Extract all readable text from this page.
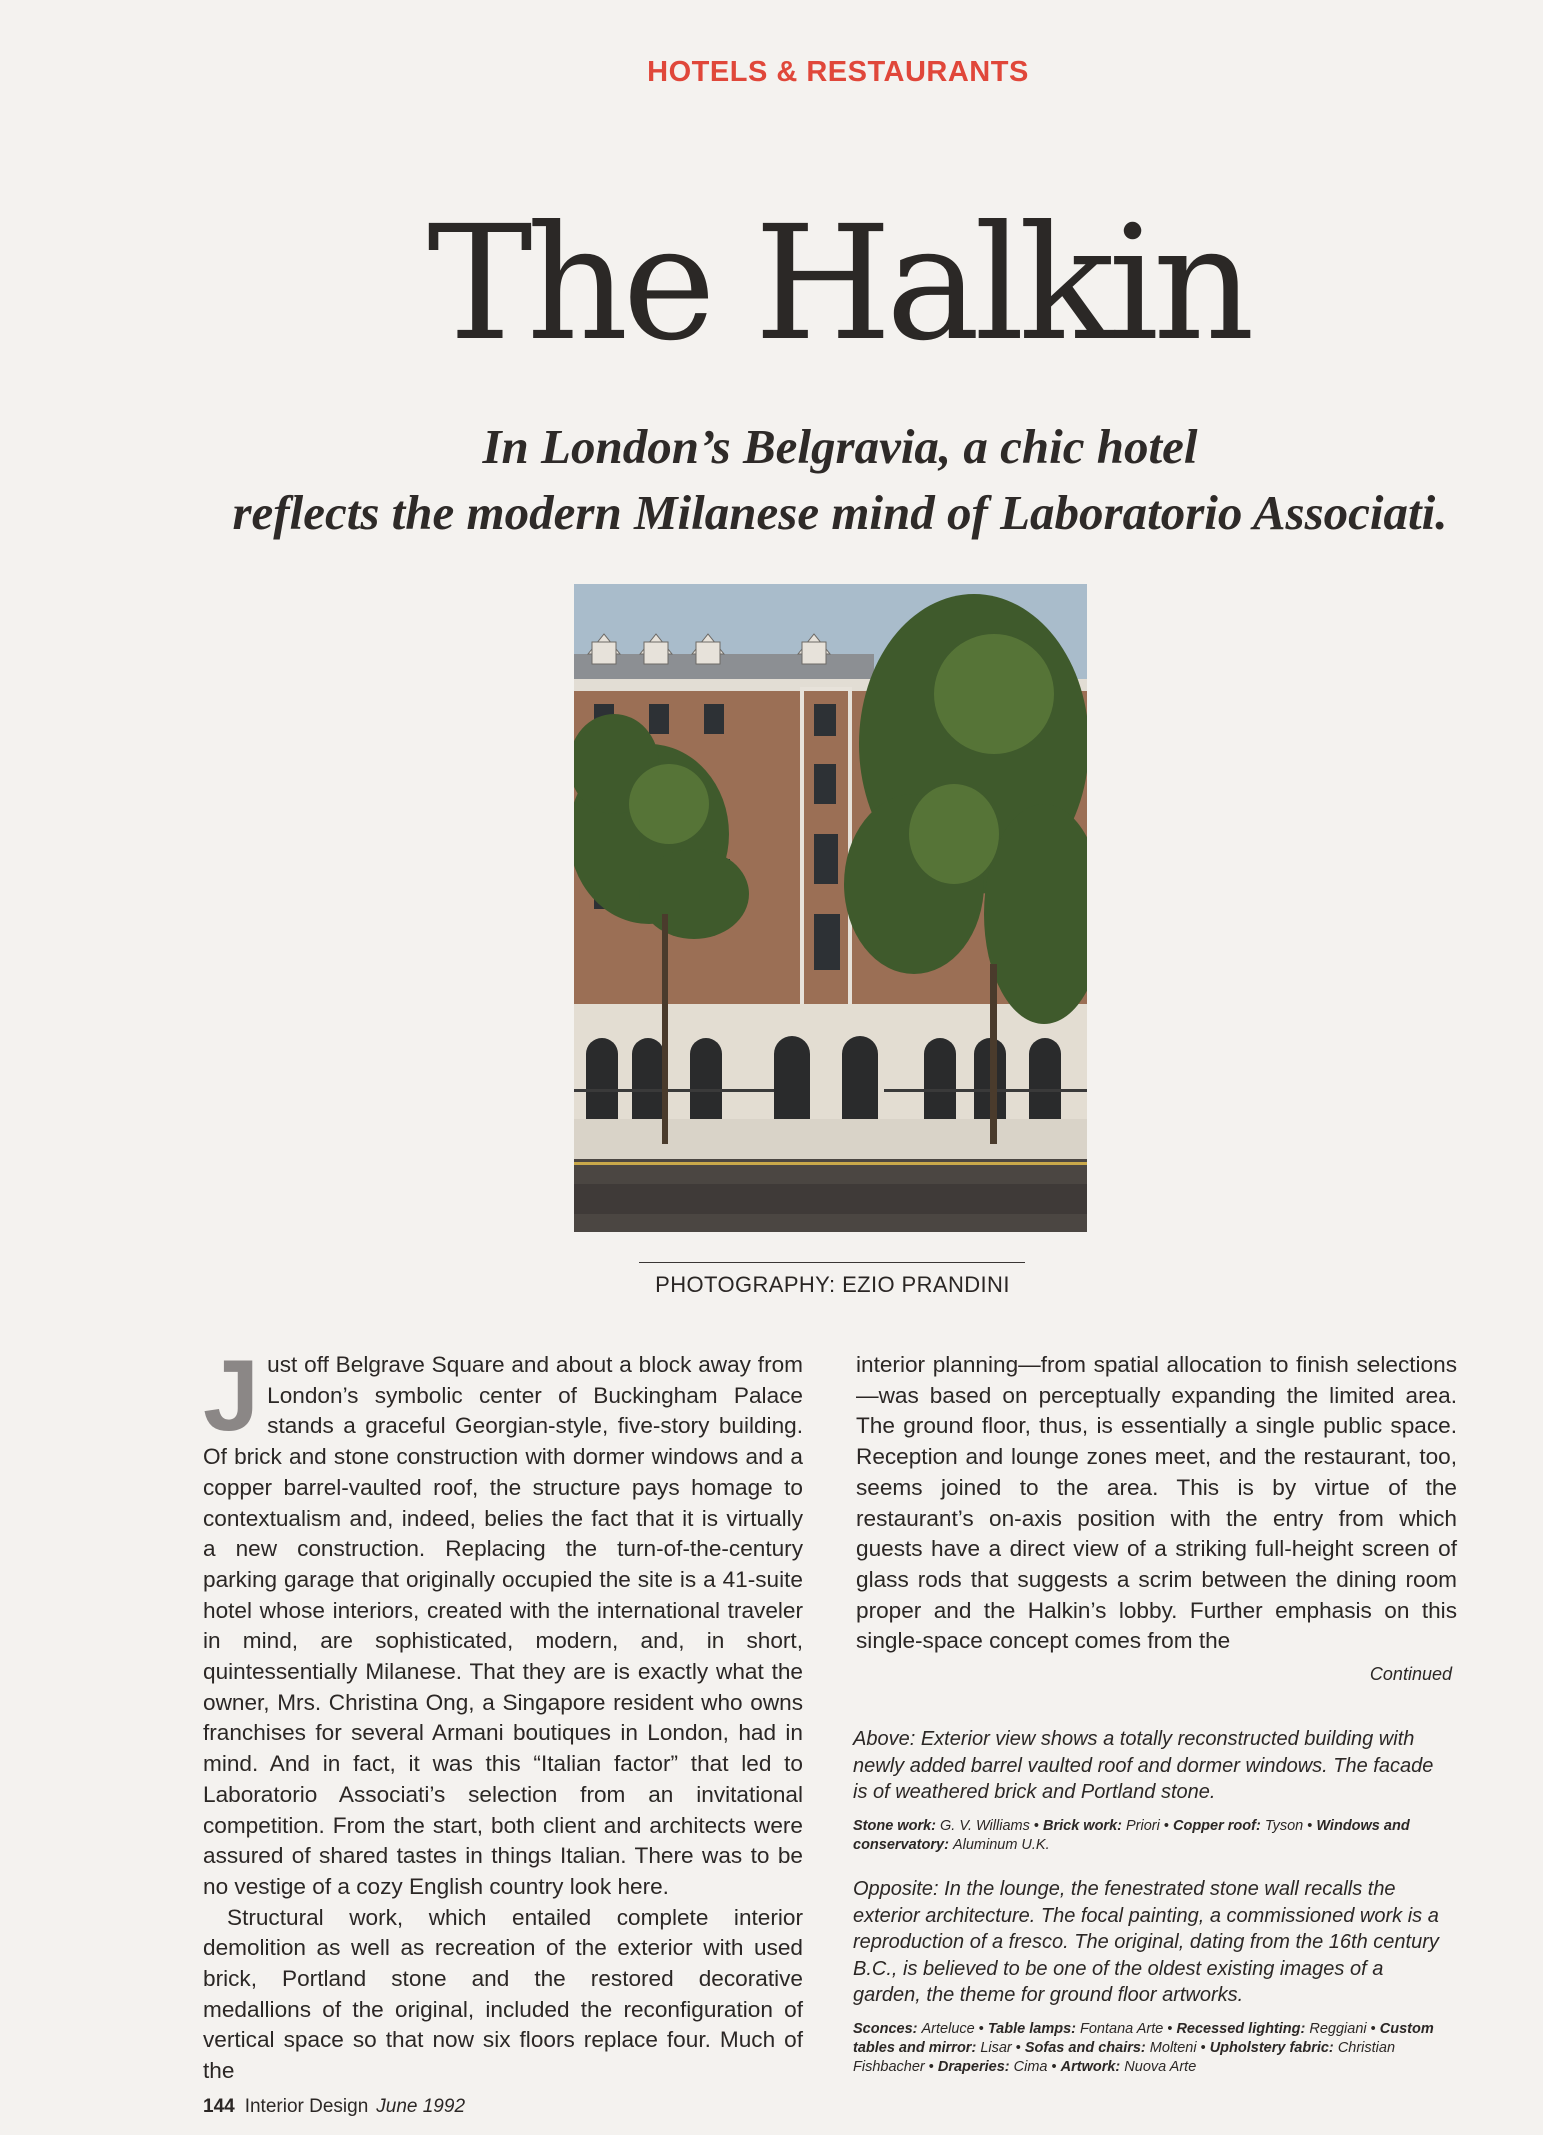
HOTELS & RESTAURANTS
The Halkin
In London’s Belgravia, a chic hotel
reflects the modern Milanese mind of Laboratorio Associati.
PHOTOGRAPHY: EZIO PRANDINI

Just off Belgrave Square and about a block away from London’s symbolic center of Buckingham Palace stands a graceful Georgian-style, five-story building. Of brick and stone construction with dormer windows and a copper barrel-vaulted roof, the structure pays homage to contextualism and, indeed, belies the fact that it is virtually a new construction. Replacing the turn-of-the-century parking garage that originally occupied the site is a 41-suite hotel whose interiors, created with the international traveler in mind, are sophisticated, modern, and, in short, quintessentially Milanese. That they are is exactly what the owner, Mrs. Christina Ong, a Singapore resident who owns franchises for several Armani boutiques in London, had in mind. And in fact, it was this “Italian factor” that led to Laboratorio Associati’s selection from an invitational competition. From the start, both client and architects were assured of shared tastes in things Italian. There was to be no vestige of a cozy English country look here.

Structural work, which entailed complete interior demolition as well as recreation of the exterior with used brick, Portland stone and the restored decorative medallions of the original, included the reconfiguration of vertical space so that now six floors replace four. Much of the

interior planning—from spatial allocation to finish selections—was based on perceptually expanding the limited area. The ground floor, thus, is essentially a single public space. Reception and lounge zones meet, and the restaurant, too, seems joined to the area. This is by virtue of the restaurant’s on-axis position with the entry from which guests have a direct view of a striking full-height screen of glass rods that suggests a scrim between the dining room proper and the Halkin’s lobby. Further emphasis on this single-space concept comes from the

Continued
Above: Exterior view shows a totally reconstructed building with newly added barrel vaulted roof and dormer windows. The facade is of weathered brick and Portland stone.
Stone work: G. V. Williams • Brick work: Priori • Copper roof: Tyson • Windows and conservatory: Aluminum U.K.
Opposite: In the lounge, the fenestrated stone wall recalls the exterior architecture. The focal painting, a commissioned work is a reproduction of a fresco. The original, dating from the 16th century B.C., is believed to be one of the oldest existing images of a garden, the theme for ground floor artworks.
Sconces: Arteluce • Table lamps: Fontana Arte • Recessed lighting: Reggiani • Custom tables and mirror: Lisar • Sofas and chairs: Molteni • Upholstery fabric: Christian Fishbacher • Draperies: Cima • Artwork: Nuova Arte
144 Interior Design June 1992
